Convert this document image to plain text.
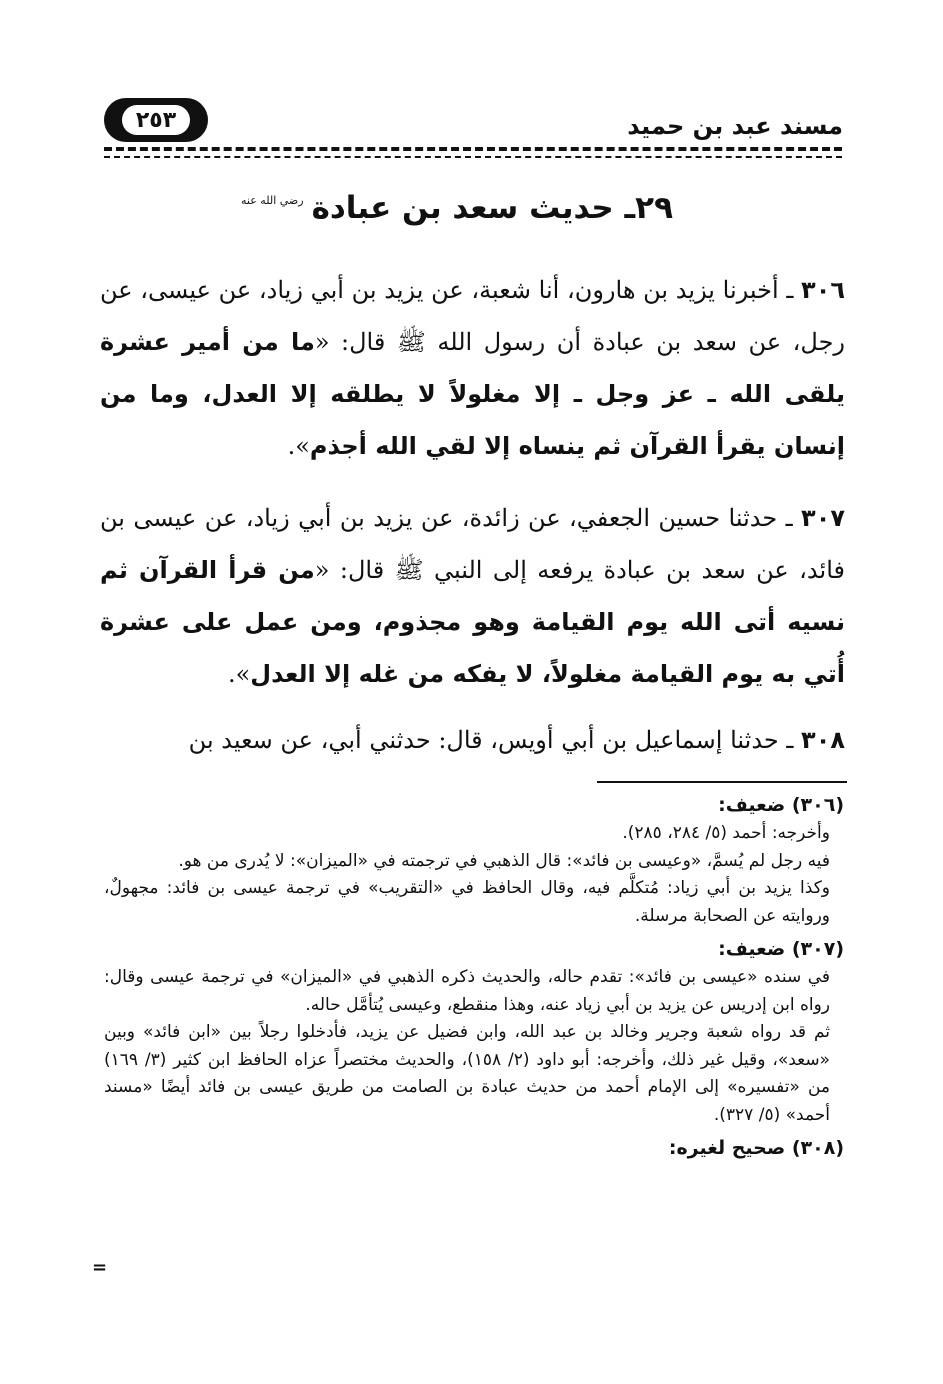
٢٥٣	مسند عبد بن حميد
٢٩ـ حديث سعد بن عبادة
رضي الله عنه
٣٠٦ ـ أخبرنا يزيد بن هارون، أنا شعبة، عن يزيد بن أبي زياد، عن عيسى، عن رجل، عن سعد بن عبادة أن رسول الله ﷺ قال: «ما من أمير عشرة يلقى الله ـ عز وجل ـ إلا مغلولاً لا يطلقه إلا العدل، وما من إنسان يقرأ القرآن ثم ينساه إلا لقي الله أجذم».
٣٠٧ ـ حدثنا حسين الجعفي، عن زائدة، عن يزيد بن أبي زياد، عن عيسى بن فائد، عن سعد بن عبادة يرفعه إلى النبي ﷺ قال: «من قرأ القرآن ثم نسيه أتى الله يوم القيامة وهو مجذوم، ومن عمل على عشرة أُتي به يوم القيامة مغلولاً، لا يفكه من غله إلا العدل».
٣٠٨ ـ حدثنا إسماعيل بن أبي أويس، قال: حدثني أبي، عن سعيد بن

(٣٠٦) ضعيف:

وأخرجه: أحمد (٥/ ٢٨٤، ٢٨٥).

فيه رجل لم يُسمَّ، «وعيسى بن فائد»: قال الذهبي في ترجمته في «الميزان»: لا يُدرى من هو.

وكذا يزيد بن أبي زياد: مُتكلَّم فيه، وقال الحافظ في «التقريب» في ترجمة عيسى بن فائد: مجهولٌ، وروايته عن الصحابة مرسلة.

(٣٠٧) ضعيف:

في سنده «عيسى بن فائد»: تقدم حاله، والحديث ذكره الذهبي في «الميزان» في ترجمة عيسى وقال: رواه ابن إدريس عن يزيد بن أبي زياد عنه، وهذا منقطع، وعيسى يُتأمَّل حاله.

ثم قد رواه شعبة وجرير وخالد بن عبد الله، وابن فضيل عن يزيد، فأدخلوا رجلاً بين «ابن فائد» وبين «سعد»، وقيل غير ذلك، وأخرجه: أبو داود (٢/ ١٥٨)، والحديث مختصراً عزاه الحافظ ابن كثير (٣/ ١٦٩) من «تفسيره» إلى الإمام أحمد من حديث عبادة بن الصامت من طريق عيسى بن فائد أيضًا «مسند أحمد» (٥/ ٣٢٧).

(٣٠٨) صحيح لغيره:

=
